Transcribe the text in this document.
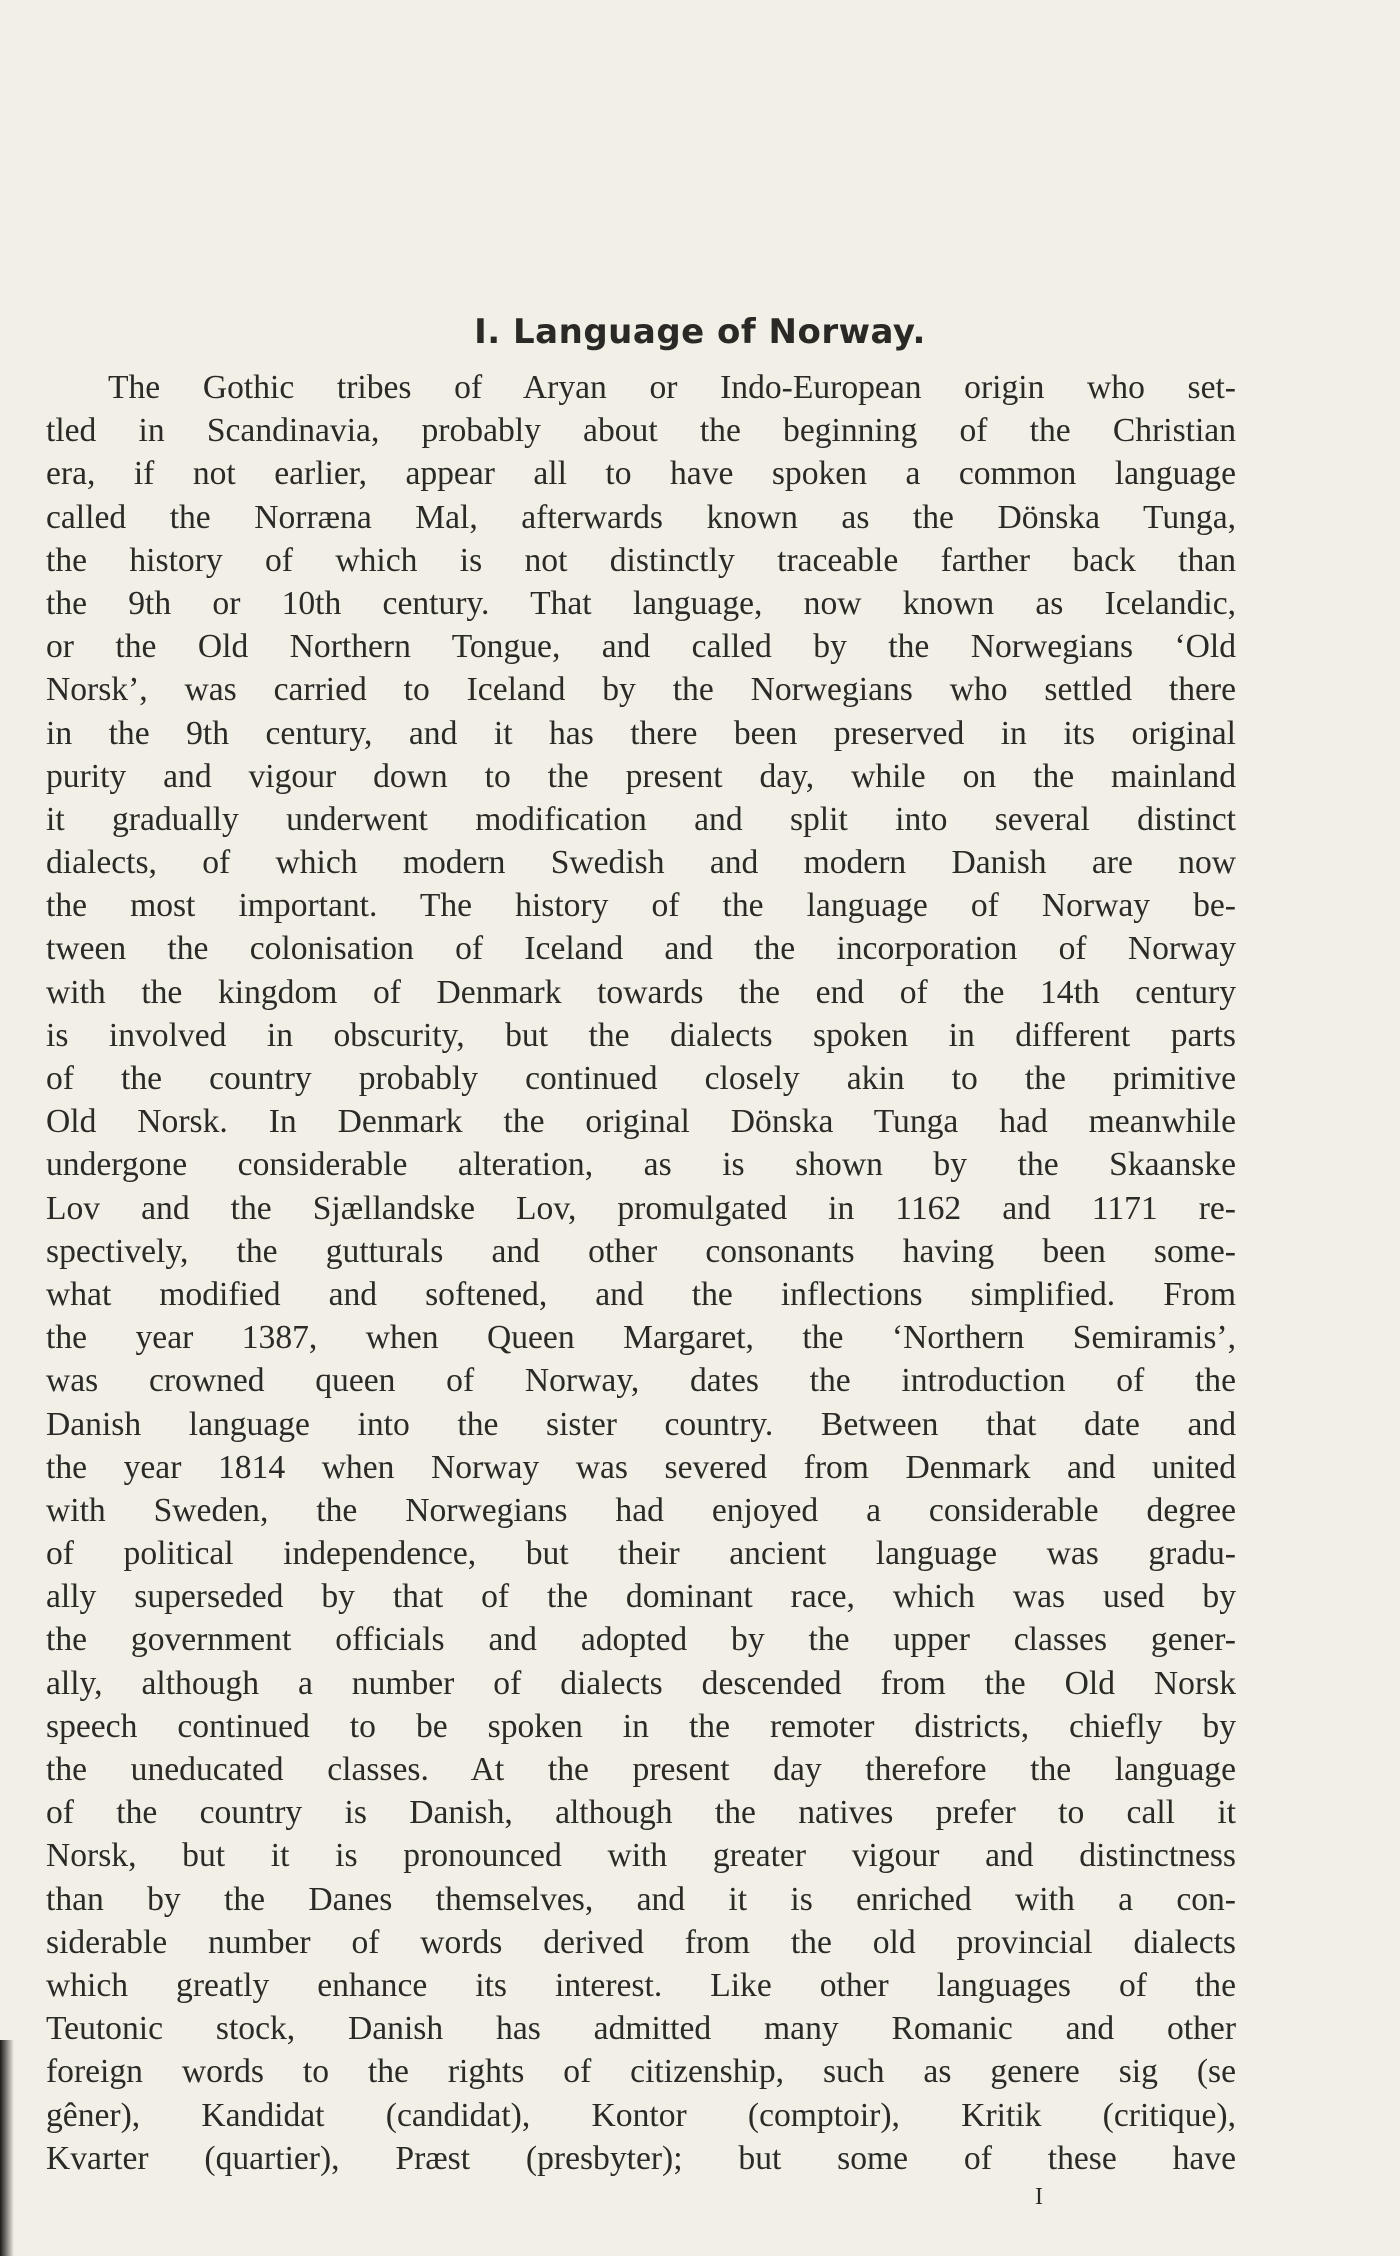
I. Language of Norway.
The Gothic tribes of Aryan or Indo-European origin who set-
tled in Scandinavia, probably about the beginning of the Christian
era, if not earlier, appear all to have spoken a common language
called the Norræna Mal, afterwards known as the Dönska Tunga,
the history of which is not distinctly traceable farther back than
the 9th or 10th century. That language, now known as Icelandic,
or the Old Northern Tongue, and called by the Norwegians ‘Old
Norsk’, was carried to Iceland by the Norwegians who settled there
in the 9th century, and it has there been preserved in its original
purity and vigour down to the present day, while on the mainland
it gradually underwent modification and split into several distinct
dialects, of which modern Swedish and modern Danish are now
the most important. The history of the language of Norway be-
tween the colonisation of Iceland and the incorporation of Norway
with the kingdom of Denmark towards the end of the 14th century
is involved in obscurity, but the dialects spoken in different parts
of the country probably continued closely akin to the primitive
Old Norsk. In Denmark the original Dönska Tunga had meanwhile
undergone considerable alteration, as is shown by the Skaanske
Lov and the Sjællandske Lov, promulgated in 1162 and 1171 re-
spectively, the gutturals and other consonants having been some-
what modified and softened, and the inflections simplified. From
the year 1387, when Queen Margaret, the ‘Northern Semiramis’,
was crowned queen of Norway, dates the introduction of the
Danish language into the sister country. Between that date and
the year 1814 when Norway was severed from Denmark and united
with Sweden, the Norwegians had enjoyed a considerable degree
of political independence, but their ancient language was gradu-
ally superseded by that of the dominant race, which was used by
the government officials and adopted by the upper classes gener-
ally, although a number of dialects descended from the Old Norsk
speech continued to be spoken in the remoter districts, chiefly by
the uneducated classes. At the present day therefore the language
of the country is Danish, although the natives prefer to call it
Norsk, but it is pronounced with greater vigour and distinctness
than by the Danes themselves, and it is enriched with a con-
siderable number of words derived from the old provincial dialects
which greatly enhance its interest. Like other languages of the
Teutonic stock, Danish has admitted many Romanic and other
foreign words to the rights of citizenship, such as genere sig (se
gêner), Kandidat (candidat), Kontor (comptoir), Kritik (critique),
Kvarter (quartier), Præst (presbyter); but some of these have
I
